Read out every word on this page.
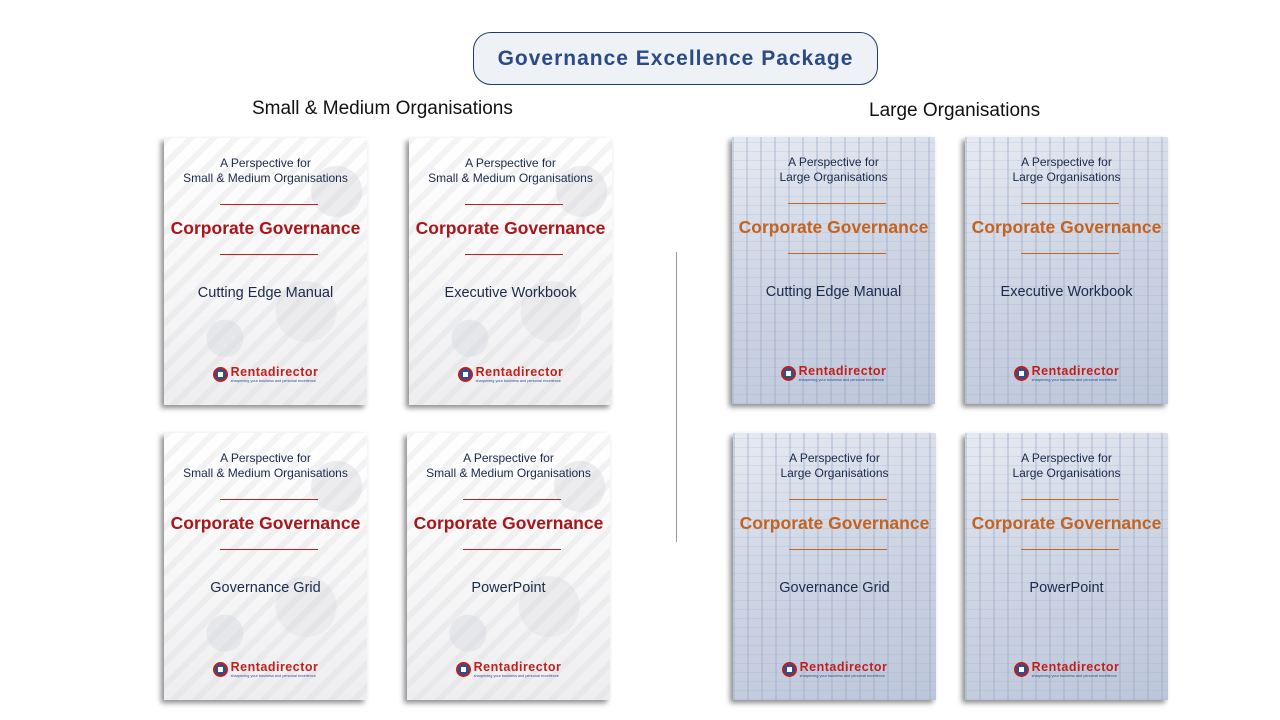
Governance Excellence Package
Small & Medium Organisations	Large Organisations
A Perspective for
Small & Medium Organisations
Corporate Governance
Cutting Edge Manual
Rentadirector
sharpening your business and personal excellence
A Perspective for
Small & Medium Organisations
Corporate Governance
Executive Workbook
Rentadirector
sharpening your business and personal excellence
A Perspective for
Small & Medium Organisations
Corporate Governance
Governance Grid
Rentadirector
sharpening your business and personal excellence
A Perspective for
Small & Medium Organisations
Corporate Governance
PowerPoint
Rentadirector
sharpening your business and personal excellence
A Perspective for
Large Organisations
Corporate Governance
Cutting Edge Manual
Rentadirector
sharpening your business and personal excellence
A Perspective for
Large Organisations
Corporate Governance
Executive Workbook
Rentadirector
sharpening your business and personal excellence
A Perspective for
Large Organisations
Corporate Governance
Governance Grid
Rentadirector
sharpening your business and personal excellence
A Perspective for
Large Organisations
Corporate Governance
PowerPoint
Rentadirector
sharpening your business and personal excellence
